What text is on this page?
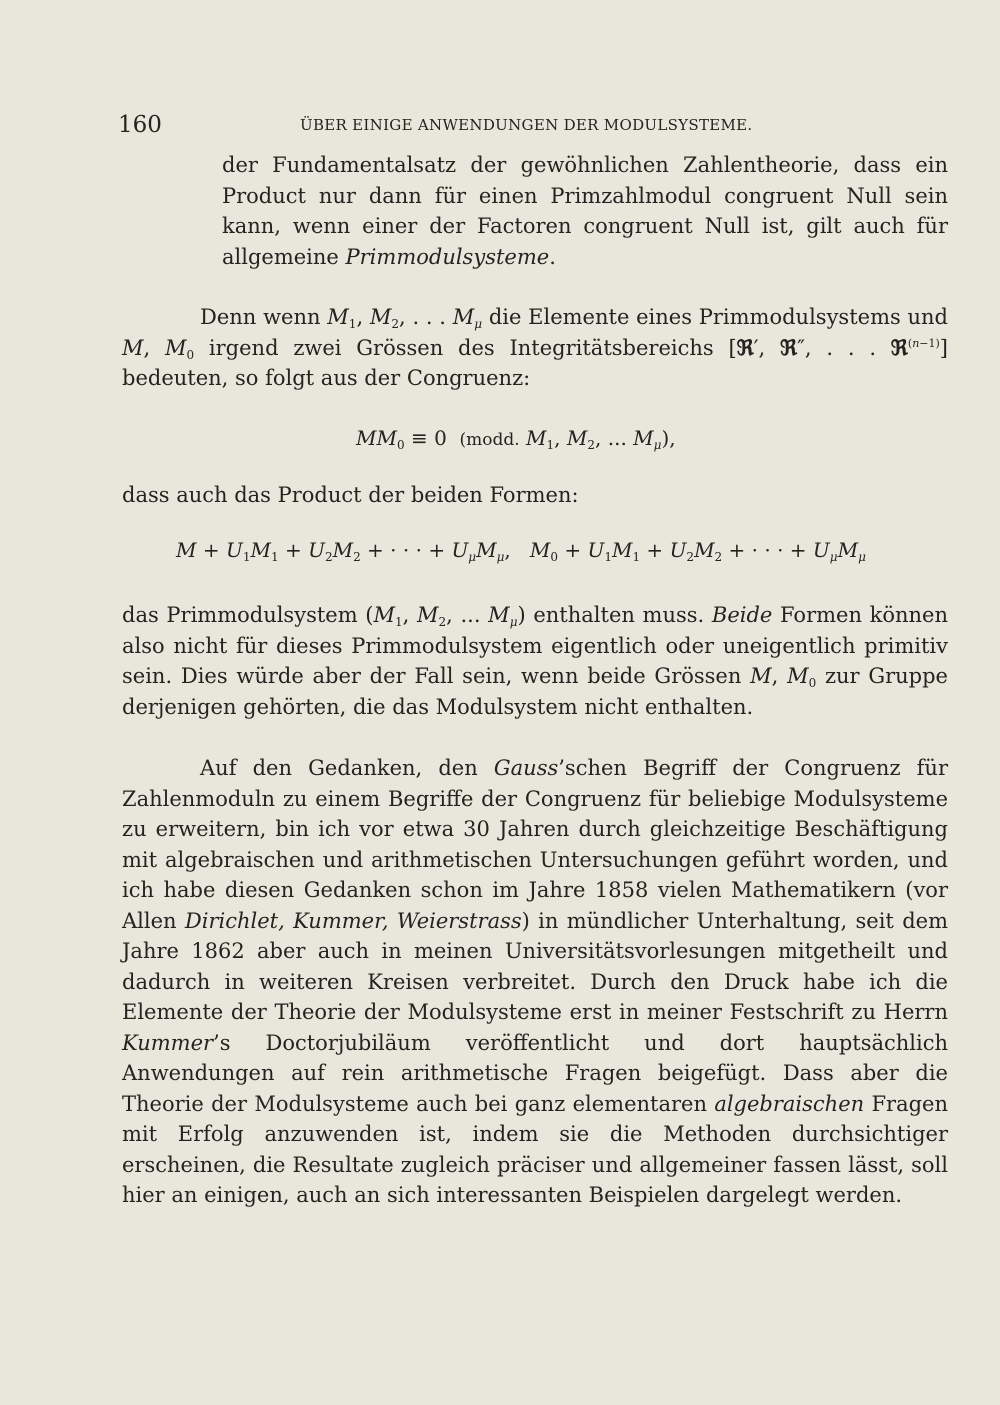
160	ÜBER EINIGE ANWENDUNGEN DER MODULSYSTEME.

der Fundamentalsatz der gewöhnlichen Zahlentheorie, dass ein Product nur dann für einen Primzahlmodul congruent Null sein kann, wenn einer der Factoren congruent Null ist, gilt auch für allgemeine Primmodulsysteme.

Denn wenn $M_1$, $M_2$, . . . $M_\mu$ die Elemente eines Primmodulsystems und M, $M_0$ irgend zwei Grössen des Integritätsbereichs [ℜ′, ℜ″, . . . ℜ$^{(n-1)}$] bedeuten, so folgt aus der Congruenz:

$MM_0 \equiv 0$  (modd. $M_1$, $M_2$, ... $M_\mu$),

dass auch das Product der beiden Formen:

$M + U_1M_1 + U_2M_2$ + · · · + $U_\mu M_\mu$,   $M_0 + U_1M_1 + U_2M_2$ + · · · + $U_\mu M_\mu$

das Primmodulsystem ($M_1$, $M_2$, ... $M_\mu$) enthalten muss. Beide Formen können also nicht für dieses Primmodulsystem eigentlich oder uneigentlich primitiv sein. Dies würde aber der Fall sein, wenn beide Grössen M, $M_0$ zur Gruppe derjenigen gehörten, die das Modulsystem nicht enthalten.

Auf den Gedanken, den Gauss’schen Begriff der Congruenz für Zahlenmoduln zu einem Begriffe der Congruenz für beliebige Modulsysteme zu erweitern, bin ich vor etwa 30 Jahren durch gleichzeitige Beschäftigung mit algebraischen und arithmetischen Untersuchungen geführt worden, und ich habe diesen Gedanken schon im Jahre 1858 vielen Mathematikern (vor Allen Dirichlet, Kummer, Weierstrass) in mündlicher Unterhaltung, seit dem Jahre 1862 aber auch in meinen Universitätsvorlesungen mitgetheilt und dadurch in weiteren Kreisen verbreitet. Durch den Druck habe ich die Elemente der Theorie der Modulsysteme erst in meiner Festschrift zu Herrn Kummer’s Doctorjubiläum veröffentlicht und dort hauptsächlich Anwendungen auf rein arithmetische Fragen beigefügt. Dass aber die Theorie der Modulsysteme auch bei ganz elementaren algebraischen Fragen mit Erfolg anzuwenden ist, indem sie die Methoden durchsichtiger erscheinen, die Resultate zugleich präciser und allgemeiner fassen lässt, soll hier an einigen, auch an sich interessanten Beispielen dargelegt werden.
